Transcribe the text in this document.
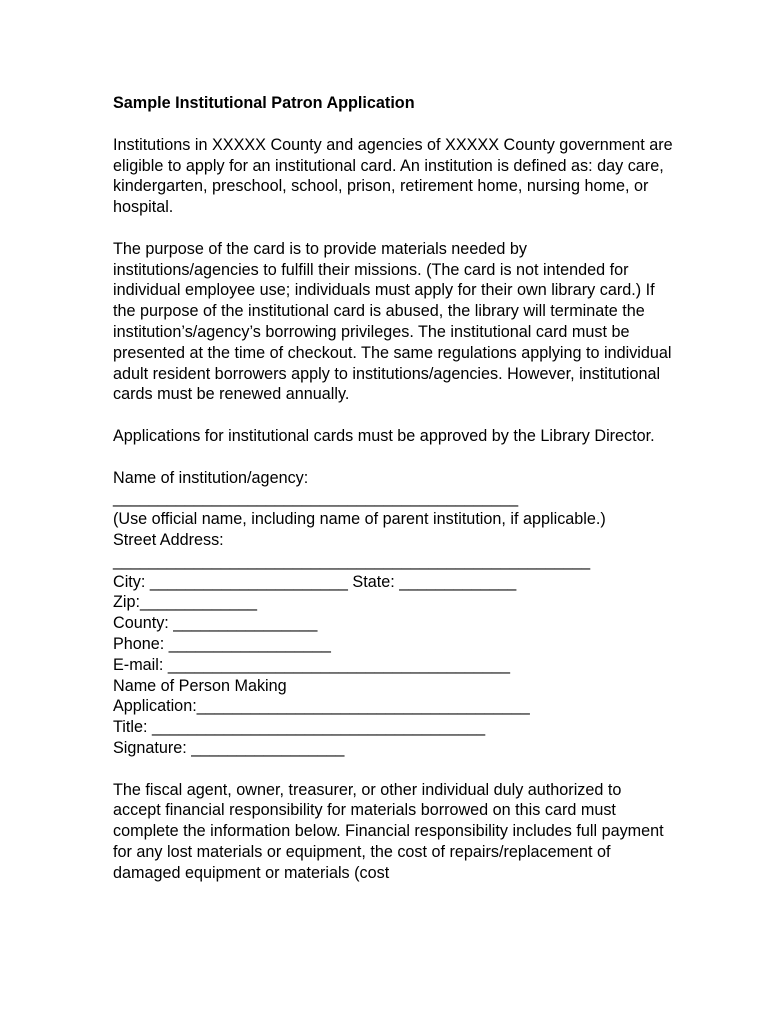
Sample Institutional Patron Application

Institutions in XXXXX County and agencies of XXXXX County government are eligible to apply for an institutional card. An institution is defined as: day care, kindergarten, preschool, school, prison, retirement home, nursing home, or hospital.

The purpose of the card is to provide materials needed by institutions/agencies to fulfill their missions. (The card is not intended for individual employee use; individuals must apply for their own library card.) If the purpose of the institutional card is abused, the library will terminate the institution’s/agency’s borrowing privileges. The institutional card must be presented at the time of checkout. The same regulations applying to individual adult resident borrowers apply to institutions/agencies. However, institutional cards must be renewed annually.

Applications for institutional cards must be approved by the Library Director.

Name of institution/agency:
_____________________________________________
(Use official name, including name of parent institution, if applicable.)
Street Address:
_____________________________________________________
City: ______________________ State: _____________
Zip:_____________
County: ________________
Phone: __________________
E-mail: ______________________________________
Name of Person Making
Application:_____________________________________
Title: _____________________________________
Signature: _________________

The fiscal agent, owner, treasurer, or other individual duly authorized to accept financial responsibility for materials borrowed on this card must complete the information below. Financial responsibility includes full payment for any lost materials or equipment, the cost of repairs/replacement of damaged equipment or materials (cost
